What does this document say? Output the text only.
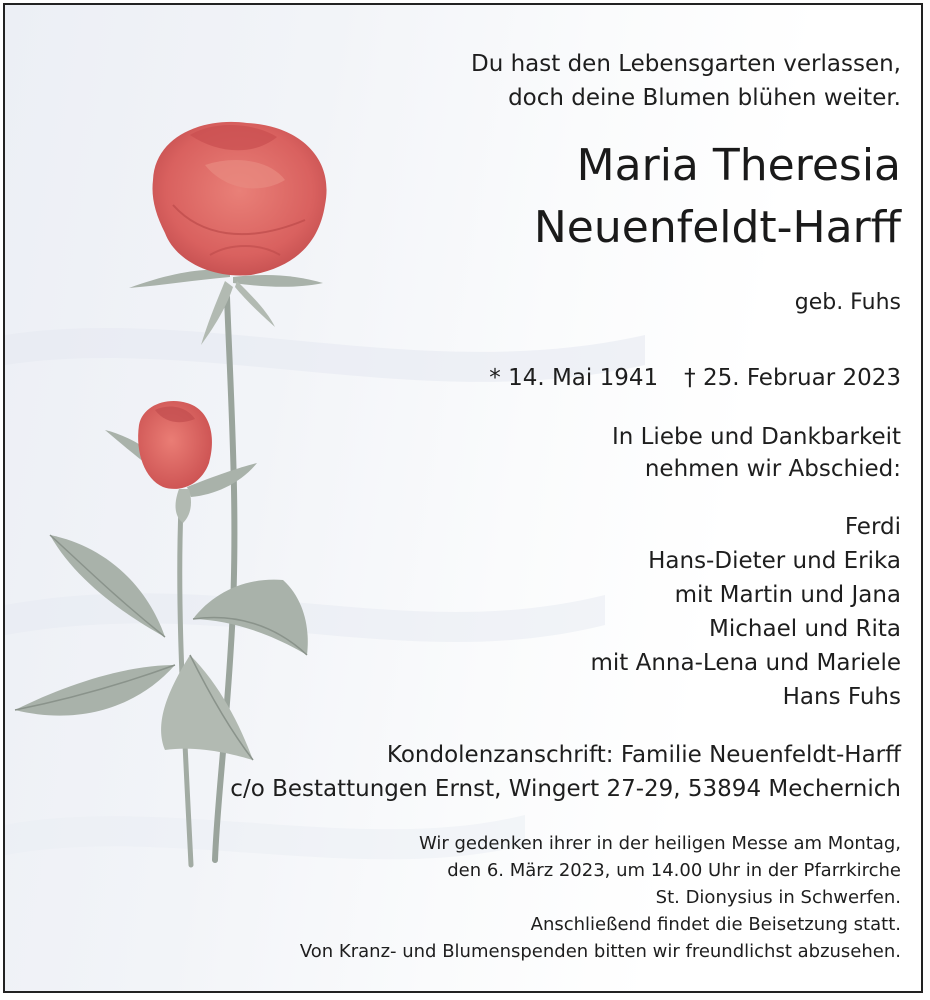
Du hast den Lebensgarten verlassen,
doch deine Blumen blühen weiter.
Maria Theresia
Neuenfeldt-Harff
geb. Fuhs
* 14. Mai 1941 † 25. Februar 2023
In Liebe und Dankbarkeit
nehmen wir Abschied:
Ferdi
Hans-Dieter und Erika
mit Martin und Jana
Michael und Rita
mit Anna-Lena und Mariele
Hans Fuhs
Kondolenzanschrift: Familie Neuenfeldt-Harff
c/o Bestattungen Ernst, Wingert 27-29, 53894 Mechernich
Wir gedenken ihrer in der heiligen Messe am Montag,
den 6. März 2023, um 14.00 Uhr in der Pfarrkirche
St. Dionysius in Schwerfen.
Anschließend findet die Beisetzung statt.
Von Kranz- und Blumenspenden bitten wir freundlichst abzusehen.
